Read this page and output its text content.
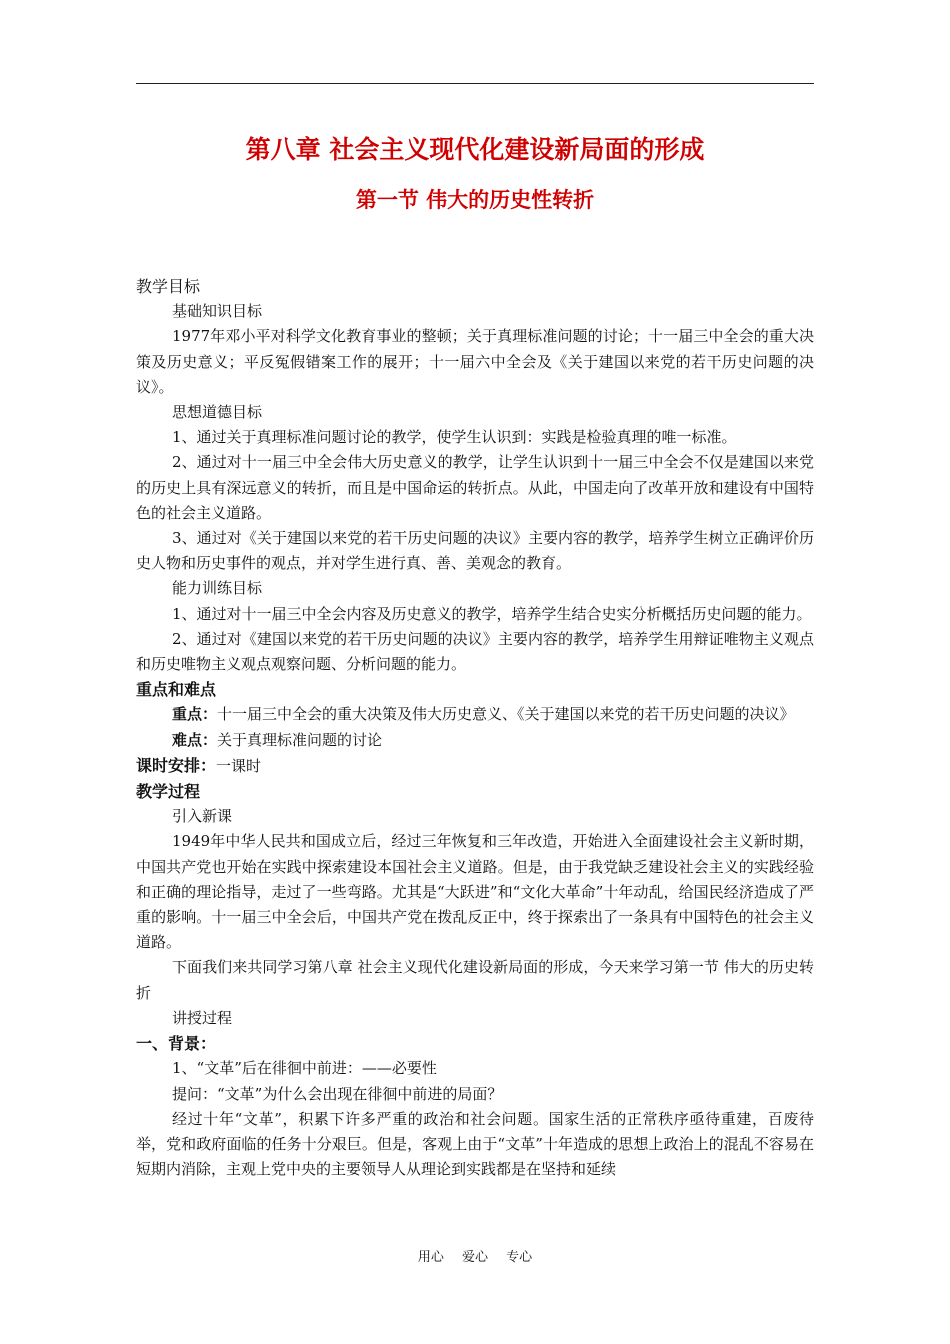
第八章 社会主义现代化建设新局面的形成
第一节 伟大的历史性转折

教学目标

基础知识目标

1977年邓小平对科学文化教育事业的整顿；关于真理标准问题的讨论；十一届三中全会的重大决策及历史意义；平反冤假错案工作的展开；十一届六中全会及《关于建国以来党的若干历史问题的决议》。

思想道德目标

1、通过关于真理标准问题讨论的教学，使学生认识到：实践是检验真理的唯一标准。

2、通过对十一届三中全会伟大历史意义的教学，让学生认识到十一届三中全会不仅是建国以来党的历史上具有深远意义的转折，而且是中国命运的转折点。从此，中国走向了改革开放和建设有中国特色的社会主义道路。

3、通过对《关于建国以来党的若干历史问题的决议》主要内容的教学，培养学生树立正确评价历史人物和历史事件的观点，并对学生进行真、善、美观念的教育。

能力训练目标

1、通过对十一届三中全会内容及历史意义的教学，培养学生结合史实分析概括历史问题的能力。

2、通过对《建国以来党的若干历史问题的决议》主要内容的教学，培养学生用辩证唯物主义观点和历史唯物主义观点观察问题、分析问题的能力。

重点和难点

重点：十一届三中全会的重大决策及伟大历史意义、《关于建国以来党的若干历史问题的决议》

难点：关于真理标准问题的讨论

课时安排：一课时

教学过程

引入新课

1949年中华人民共和国成立后，经过三年恢复和三年改造，开始进入全面建设社会主义新时期，中国共产党也开始在实践中探索建设本国社会主义道路。但是，由于我党缺乏建设社会主义的实践经验和正确的理论指导，走过了一些弯路。尤其是“大跃进”和“文化大革命”十年动乱，给国民经济造成了严重的影响。十一届三中全会后，中国共产党在拨乱反正中，终于探索出了一条具有中国特色的社会主义道路。

下面我们来共同学习第八章 社会主义现代化建设新局面的形成，今天来学习第一节 伟大的历史转折

讲授过程

一、背景：

1、“文革”后在徘徊中前进：——必要性

提问：“文革”为什么会出现在徘徊中前进的局面？

经过十年“文革”，积累下许多严重的政治和社会问题。国家生活的正常秩序亟待重建，百废待举，党和政府面临的任务十分艰巨。但是，客观上由于“文革”十年造成的思想上政治上的混乱不容易在短期内消除，主观上党中央的主要领导人从理论到实践都是在坚持和延续

用心 爱心 专心
